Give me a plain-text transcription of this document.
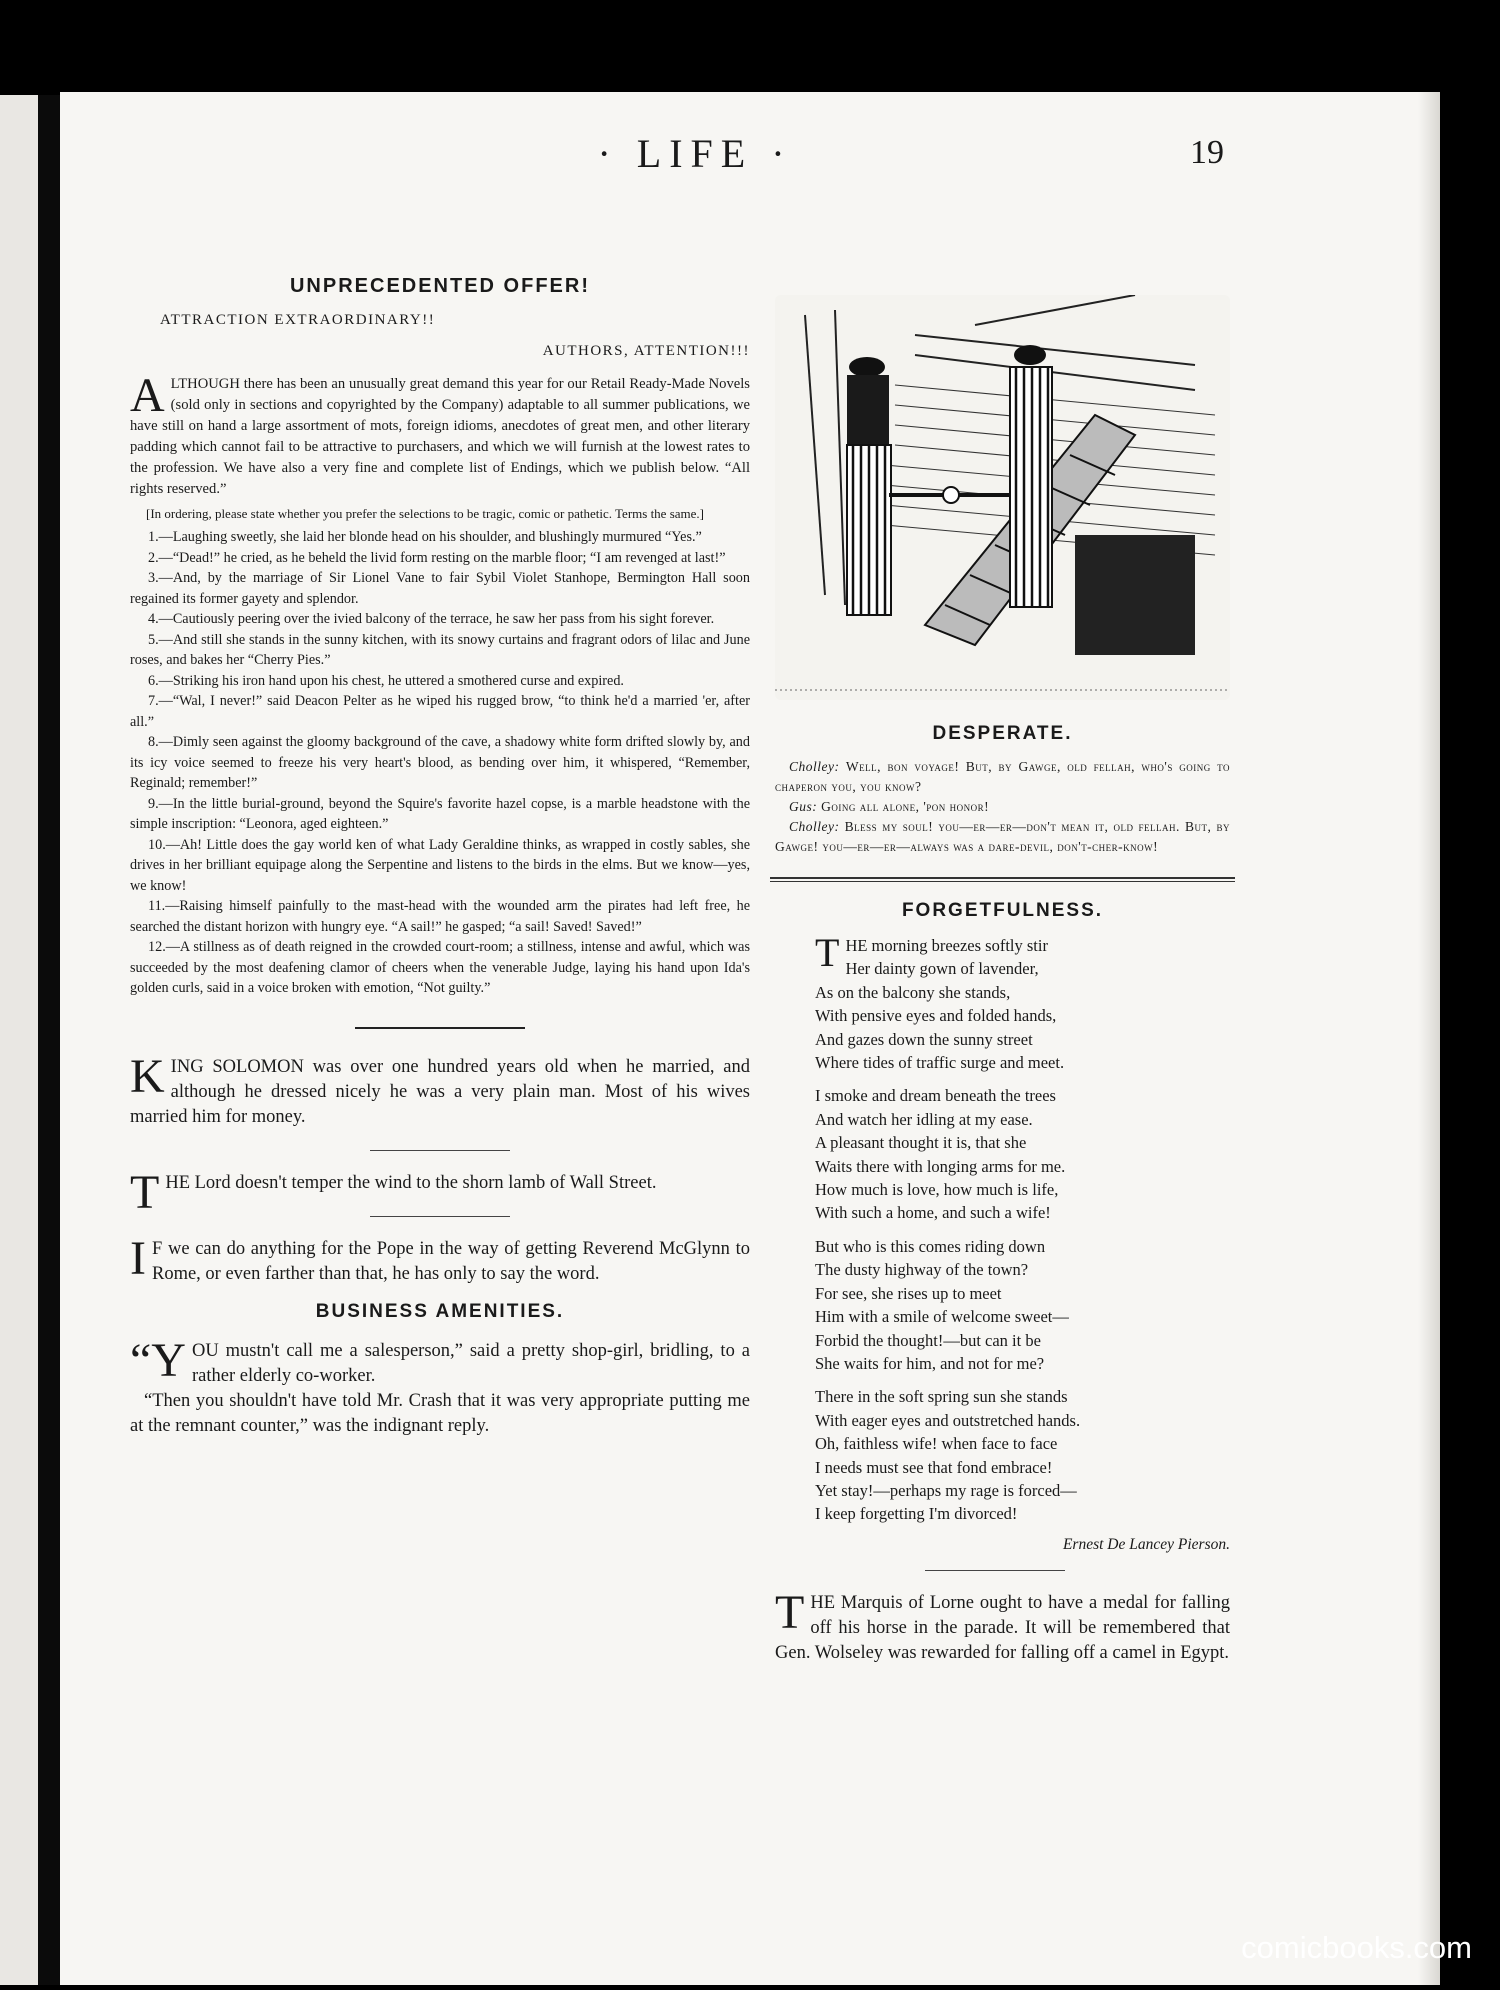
· LIFE ·	19
UNPRECEDENTED OFFER!
ATTRACTION EXTRAORDINARY!!
AUTHORS, ATTENTION!!!

ALTHOUGH there has been an unusually great demand this year for our Retail Ready-Made Novels (sold only in sections and copyrighted by the Company) adaptable to all summer publications, we have still on hand a large assortment of mots, foreign idioms, anecdotes of great men, and other literary padding which cannot fail to be attractive to purchasers, and which we will furnish at the lowest rates to the profession. We have also a very fine and complete list of Endings, which we publish below. “All rights reserved.”

[In ordering, please state whether you prefer the selections to be tragic, comic or pathetic. Terms the same.]

1.—Laughing sweetly, she laid her blonde head on his shoulder, and blushingly murmured “Yes.”

2.—“Dead!” he cried, as he beheld the livid form resting on the marble floor; “I am revenged at last!”

3.—And, by the marriage of Sir Lionel Vane to fair Sybil Violet Stanhope, Bermington Hall soon regained its former gayety and splendor.

4.—Cautiously peering over the ivied balcony of the terrace, he saw her pass from his sight forever.

5.—And still she stands in the sunny kitchen, with its snowy curtains and fragrant odors of lilac and June roses, and bakes her “Cherry Pies.”

6.—Striking his iron hand upon his chest, he uttered a smothered curse and expired.

7.—“Wal, I never!” said Deacon Pelter as he wiped his rugged brow, “to think he'd a married 'er, after all.”

8.—Dimly seen against the gloomy background of the cave, a shadowy white form drifted slowly by, and its icy voice seemed to freeze his very heart's blood, as bending over him, it whispered, “Remember, Reginald; remember!”

9.—In the little burial-ground, beyond the Squire's favorite hazel copse, is a marble headstone with the simple inscription: “Leonora, aged eighteen.”

10.—Ah! Little does the gay world ken of what Lady Geraldine thinks, as wrapped in costly sables, she drives in her brilliant equipage along the Serpentine and listens to the birds in the elms. But we know—yes, we know!

11.—Raising himself painfully to the mast-head with the wounded arm the pirates had left free, he searched the distant horizon with hungry eye. “A sail!” he gasped; “a sail! Saved! Saved!”

12.—A stillness as of death reigned in the crowded court-room; a stillness, intense and awful, which was succeeded by the most deafening clamor of cheers when the venerable Judge, laying his hand upon Ida's golden curls, said in a voice broken with emotion, “Not guilty.”

KING SOLOMON was over one hundred years old when he married, and although he dressed nicely he was a very plain man. Most of his wives married him for money.

THE Lord doesn't temper the wind to the shorn lamb of Wall Street.

I F we can do anything for the Pope in the way of getting Reverend McGlynn to Rome, or even farther than that, he has only to say the word.

BUSINESS AMENITIES.

“YOU mustn't call me a salesperson,” said a pretty shop-girl, bridling, to a rather elderly co-worker.

“Then you shouldn't have told Mr. Crash that it was very appropriate putting me at the remnant counter,” was the indignant reply.

DESPERATE.

Cholley: Well, bon voyage! But, by Gawge, old fellah, who's going to chaperon you, you know?

Gus: Going all alone, 'pon honor!

Cholley: Bless my soul! you—er—er—don't mean it, old fellah. But, by Gawge! you—er—er—always was a dare-devil, don't-cher-know!

FORGETFULNESS.
T HE morning breezes softly stir
Her dainty gown of lavender,
As on the balcony she stands,
With pensive eyes and folded hands,
And gazes down the sunny street
Where tides of traffic surge and meet.
I smoke and dream beneath the trees
And watch her idling at my ease.
A pleasant thought it is, that she
Waits there with longing arms for me.
How much is love, how much is life,
With such a home, and such a wife!
But who is this comes riding down
The dusty highway of the town?
For see, she rises up to meet
Him with a smile of welcome sweet—
Forbid the thought!—but can it be
She waits for him, and not for me?
There in the soft spring sun she stands
With eager eyes and outstretched hands.
Oh, faithless wife! when face to face
I needs must see that fond embrace!
Yet stay!—perhaps my rage is forced—
I keep forgetting I'm divorced!

Ernest De Lancey Pierson.

THE Marquis of Lorne ought to have a medal for falling off his horse in the parade. It will be remembered that Gen. Wolseley was rewarded for falling off a camel in Egypt.

comicbooks.com
